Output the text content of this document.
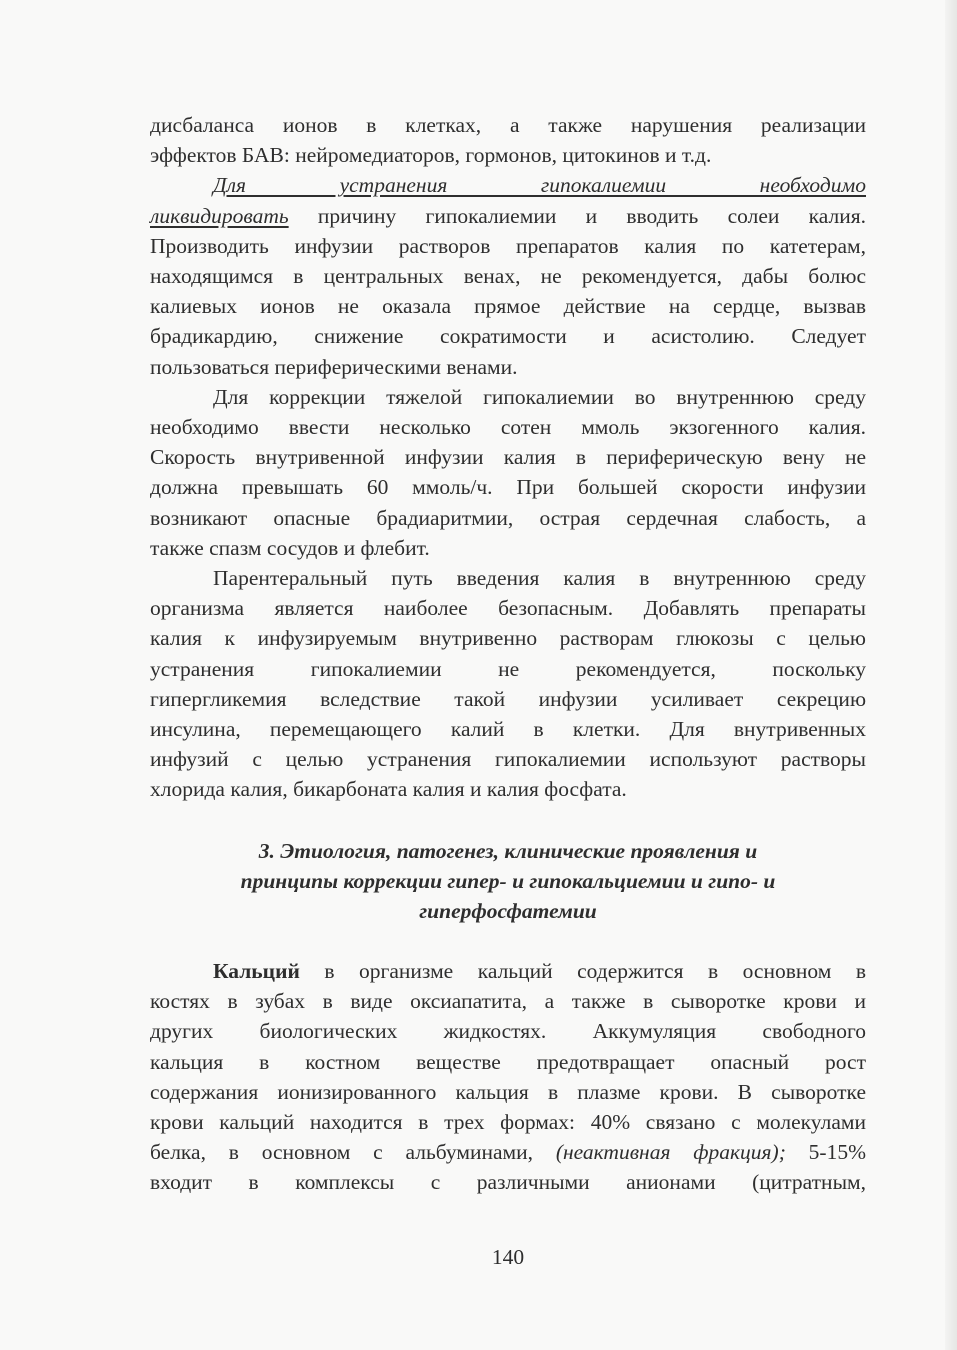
дисбаланса ионов в клетках, а также нарушения реализации
эффектов БАВ: нейромедиаторов, гормонов, цитокинов и т.д.
Для устранения гипокалиемии необходимо
ликвидировать причину гипокалиемии и вводить солеи калия.
Производить инфузии растворов препаратов калия по катетерам,
находящимся в центральных венах, не рекомендуется, дабы болюс
калиевых ионов не оказала прямое действие на сердце, вызвав
брадикардию, снижение сократимости и асистолию. Следует
пользоваться периферическими венами.
Для коррекции тяжелой гипокалиемии во внутреннюю среду
необходимо ввести несколько сотен ммоль экзогенного калия.
Скорость внутривенной инфузии калия в периферическую вену не
должна превышать 60 ммоль/ч. При большей скорости инфузии
возникают опасные брадиаритмии, острая сердечная слабость, а
также спазм сосудов и флебит.
Парентеральный путь введения калия в внутреннюю среду
организма является наиболее безопасным. Добавлять препараты
калия к инфузируемым внутривенно растворам глюкозы с целью
устранения гипокалиемии не рекомендуется, поскольку
гипергликемия вследствие такой инфузии усиливает секрецию
инсулина, перемещающего калий в клетки. Для внутривенных
инфузий с целью устранения гипокалиемии используют растворы
хлорида калия, бикарбоната калия и калия фосфата.
3. Этиология, патогенез, клинические проявления и
принципы коррекции гипер- и гипокальциемии и гипо- и
гиперфосфатемии
Кальций в организме кальций содержится в основном в
костях в зубах в виде оксиапатита, а также в сыворотке крови и
других биологических жидкостях. Аккумуляция свободного
кальция в костном веществе предотвращает опасный рост
содержания ионизированного кальция в плазме крови. В сыворотке
крови кальций находится в трех формах: 40% связано с молекулами
белка, в основном с альбуминами, (неактивная фракция); 5-15%
входит в комплексы с различными анионами (цитратным,
140
